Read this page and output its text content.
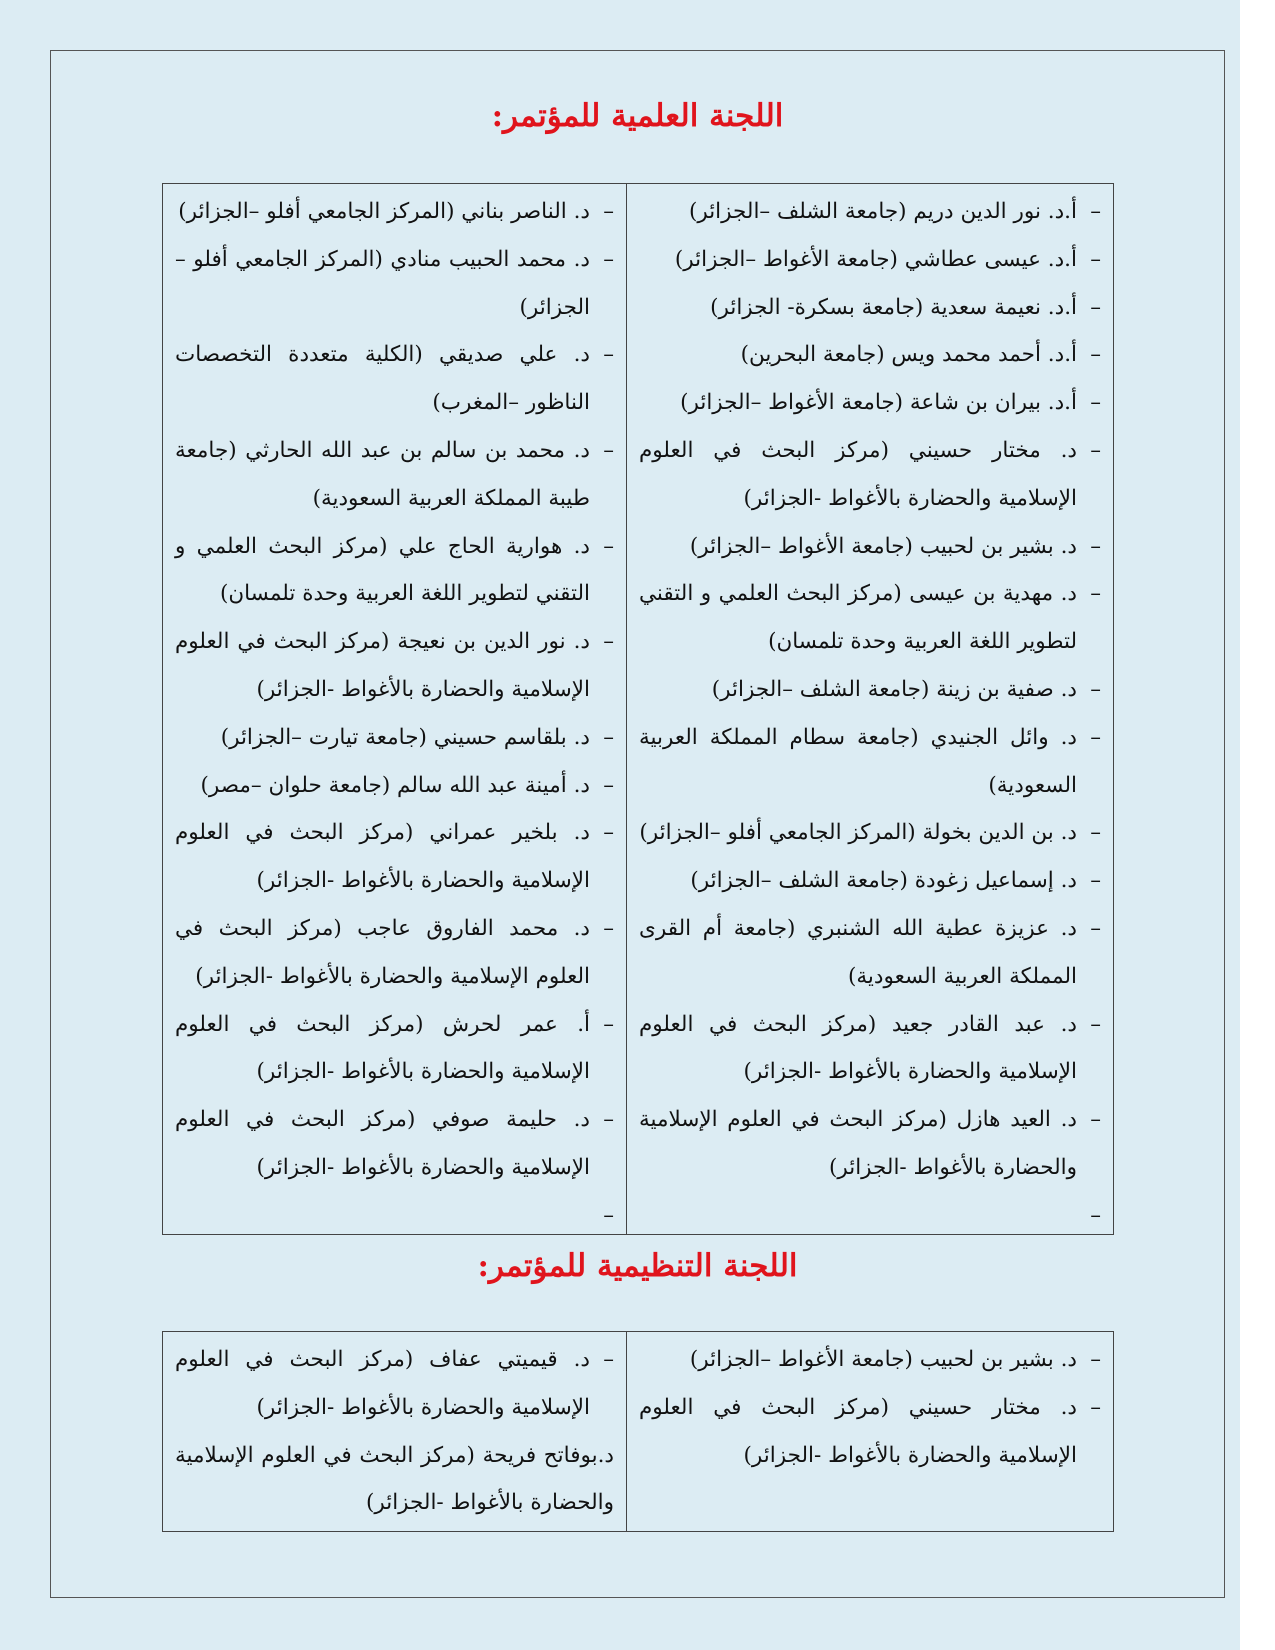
اللجنة العلمية للمؤتمر:
–
أ.د. نور الدين دريم (جامعة الشلف –الجزائر)
–
أ.د. عيسى عطاشي (جامعة الأغواط –الجزائر)
–
أ.د. نعيمة سعدية (جامعة بسكرة- الجزائر)
–
أ.د. أحمد محمد ويس (جامعة البحرين)
–
أ.د. بيران بن شاعة (جامعة الأغواط –الجزائر)
–
د. مختار حسيني (مركز البحث في العلوم الإسلامية والحضارة بالأغواط -الجزائر)
–
د. بشير بن لحبيب (جامعة الأغواط –الجزائر)
–
د. مهدية بن عيسى (مركز البحث العلمي و التقني لتطوير اللغة العربية وحدة تلمسان)
–
د. صفية بن زينة (جامعة الشلف –الجزائر)
–
د. وائل الجنيدي (جامعة سطام المملكة العربية السعودية)
–
د. بن الدين بخولة (المركز الجامعي أفلو –الجزائر)
–
د. إسماعيل زغودة (جامعة الشلف –الجزائر)
–
د. عزيزة عطية الله الشنبري (جامعة أم القرى المملكة العربية السعودية)
–
د. عبد القادر جعيد (مركز البحث في العلوم الإسلامية والحضارة بالأغواط -الجزائر)
–
د. العيد هازل (مركز البحث في العلوم الإسلامية والحضارة بالأغواط -الجزائر)
–

–
د. الناصر بناني (المركز الجامعي أفلو –الجزائر)
–
د. محمد الحبيب منادي (المركز الجامعي أفلو –الجزائر)
–
د. علي صديقي (الكلية متعددة التخصصات الناظور –المغرب)
–
د. محمد بن سالم بن عبد الله الحارثي (جامعة طيبة المملكة العربية السعودية)
–
د. هوارية الحاج علي (مركز البحث العلمي و التقني لتطوير اللغة العربية وحدة تلمسان)
–
د. نور الدين بن نعيجة (مركز البحث في العلوم الإسلامية والحضارة بالأغواط -الجزائر)
–
د. بلقاسم حسيني (جامعة تيارت –الجزائر)
–
د. أمينة عبد الله سالم (جامعة حلوان –مصر)
–
د. بلخير عمراني (مركز البحث في العلوم الإسلامية والحضارة بالأغواط -الجزائر)
–
د. محمد الفاروق عاجب (مركز البحث في العلوم الإسلامية والحضارة بالأغواط -الجزائر)
–
أ. عمر لحرش (مركز البحث في العلوم الإسلامية والحضارة بالأغواط -الجزائر)
–
د. حليمة صوفي (مركز البحث في العلوم الإسلامية والحضارة بالأغواط -الجزائر)
–
اللجنة التنظيمية للمؤتمر:
–
د. بشير بن لحبيب (جامعة الأغواط –الجزائر)
–
د. مختار حسيني (مركز البحث في العلوم الإسلامية والحضارة بالأغواط -الجزائر)

–
د. قيميتي عفاف (مركز البحث في العلوم الإسلامية والحضارة بالأغواط -الجزائر)
د.بوفاتح فريحة (مركز البحث في العلوم الإسلامية والحضارة بالأغواط -الجزائر)
